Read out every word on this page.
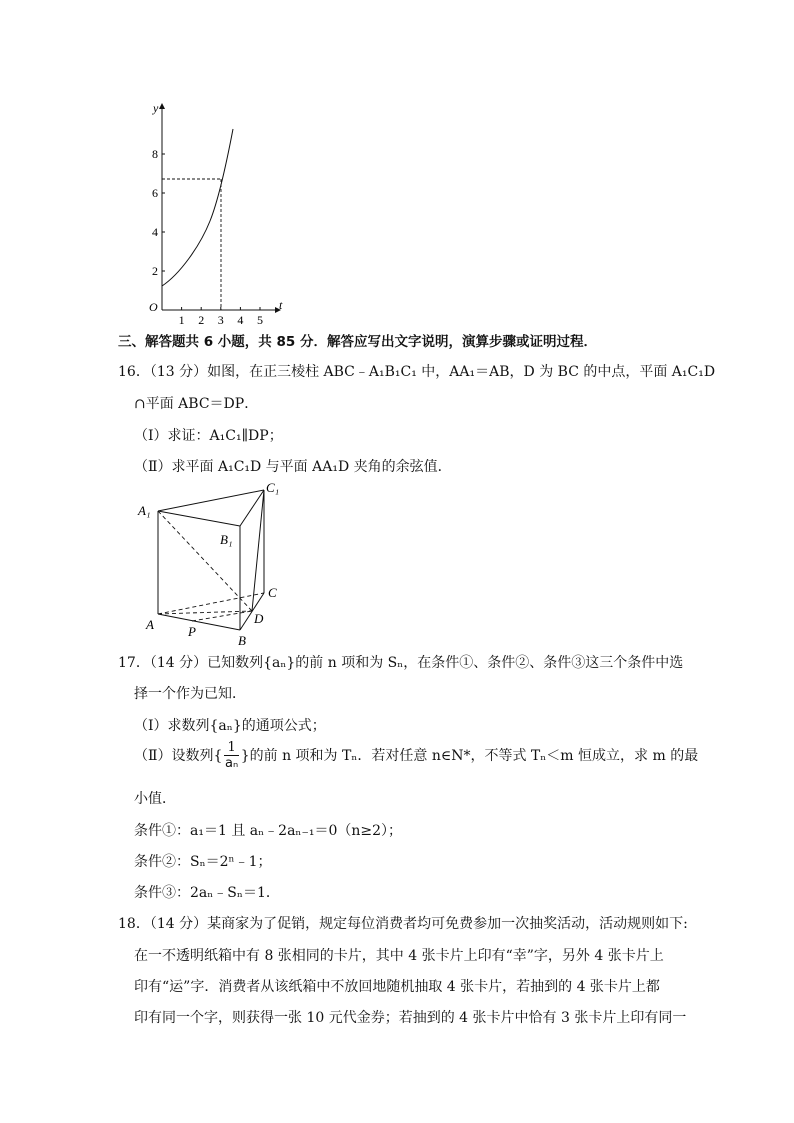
y
t
O
2
4
6
8
1 2 3 4 5
三、解答题共 6 小题，共 85 分．解答应写出文字说明，演算步骤或证明过程．
16．（13 分）如图，在正三棱柱 ABC﹣A₁B₁C₁ 中，AA₁＝AB，D 为 BC 的中点，平面 A₁C₁D
∩平面 ABC＝DP．
（Ⅰ）求证：A₁C₁∥DP；
（Ⅱ）求平面 A₁C₁D 与平面 AA₁D 夹角的余弦值．
A₁
B₁
C₁
C
D
A	P
B
17．（14 分）已知数列{aₙ}的前 n 项和为 Sₙ，在条件①、条件②、条件③这三个条件中选
择一个作为已知．
（Ⅰ）求数列{aₙ}的通项公式；
（Ⅱ）设数列{ $\frac{1}{\text{aₙ}}$ }的前 n 项和为 Tₙ．若对任意 n∈N*，不等式 Tₙ＜m 恒成立，求 m 的最
小值．
条件①：a₁＝1 且 aₙ﹣2aₙ₋₁＝0（n≥2）；
条件②：Sₙ＝2ⁿ﹣1；
条件③：2aₙ﹣Sₙ＝1．
18．（14 分）某商家为了促销，规定每位消费者均可免费参加一次抽奖活动，活动规则如下:
在一不透明纸箱中有 8 张相同的卡片，其中 4 张卡片上印有“幸”字，另外 4 张卡片上
印有“运”字．消费者从该纸箱中不放回地随机抽取 4 张卡片，若抽到的 4 张卡片上都
印有同一个字，则获得一张 10 元代金券；若抽到的 4 张卡片中恰有 3 张卡片上印有同一
